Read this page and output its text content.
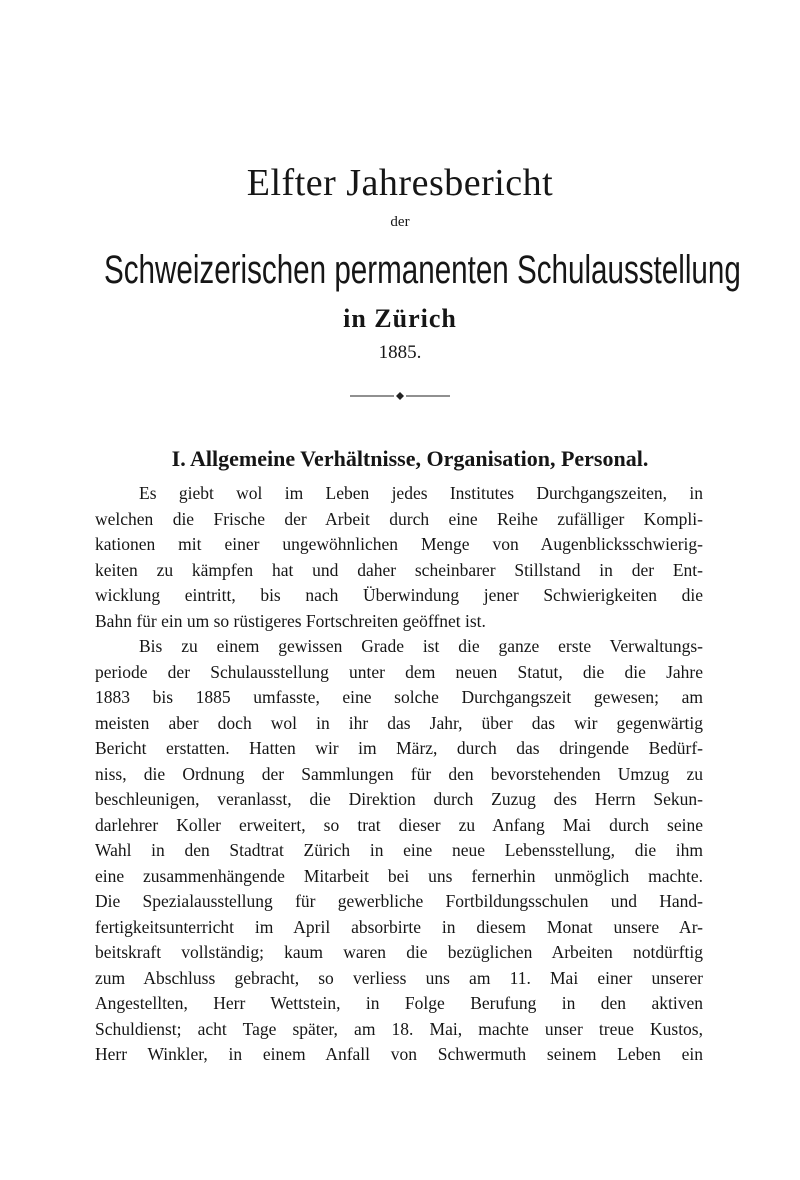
Elfter Jahresbericht
der
Schweizerischen permanenten Schulausstellung
in Zürich
1885.
I. Allgemeine Verhältnisse, Organisation, Personal.
Es giebt wol im Leben jedes Institutes Durchgangszeiten, in
welchen die Frische der Arbeit durch eine Reihe zufälliger Kompli-
kationen mit einer ungewöhnlichen Menge von Augenblicksschwierig-
keiten zu kämpfen hat und daher scheinbarer Stillstand in der Ent-
wicklung eintritt, bis nach Überwindung jener Schwierigkeiten die
Bahn für ein um so rüstigeres Fortschreiten geöffnet ist.
Bis zu einem gewissen Grade ist die ganze erste Verwaltungs-
periode der Schulausstellung unter dem neuen Statut, die die Jahre
1883 bis 1885 umfasste, eine solche Durchgangszeit gewesen; am
meisten aber doch wol in ihr das Jahr, über das wir gegenwärtig
Bericht erstatten. Hatten wir im März, durch das dringende Bedürf-
niss, die Ordnung der Sammlungen für den bevorstehenden Umzug zu
beschleunigen, veranlasst, die Direktion durch Zuzug des Herrn Sekun-
darlehrer Koller erweitert, so trat dieser zu Anfang Mai durch seine
Wahl in den Stadtrat Zürich in eine neue Lebensstellung, die ihm
eine zusammenhängende Mitarbeit bei uns fernerhin unmöglich machte.
Die Spezialausstellung für gewerbliche Fortbildungsschulen und Hand-
fertigkeitsunterricht im April absorbirte in diesem Monat unsere Ar-
beitskraft vollständig; kaum waren die bezüglichen Arbeiten notdürftig
zum Abschluss gebracht, so verliess uns am 11. Mai einer unserer
Angestellten, Herr Wettstein, in Folge Berufung in den aktiven
Schuldienst; acht Tage später, am 18. Mai, machte unser treue Kustos,
Herr Winkler, in einem Anfall von Schwermuth seinem Leben ein
